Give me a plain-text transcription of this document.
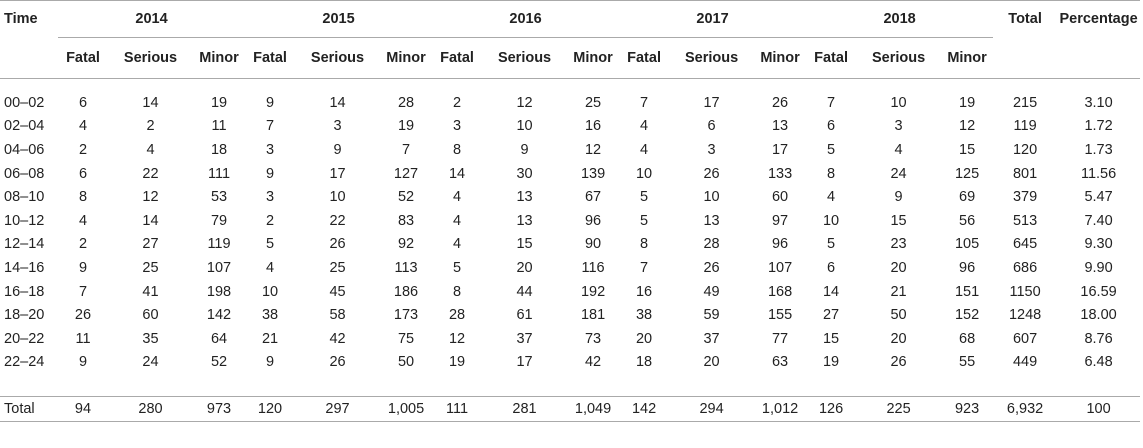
Time	2014			2015			2016			2017			2018			Total	Percentage
	Fatal	Serious	Minor	Fatal	Serious	Minor	Fatal	Serious	Minor	Fatal	Serious	Minor	Fatal	Serious	Minor		

00–02	6	14	19	9	14	28	2	12	25	7	17	26	7	10	19	215	3.10
02–04	4	2	11	7	3	19	3	10	16	4	6	13	6	3	12	119	1.72
04–06	2	4	18	3	9	7	8	9	12	4	3	17	5	4	15	120	1.73
06–08	6	22	111	9	17	127	14	30	139	10	26	133	8	24	125	801	11.56
08–10	8	12	53	3	10	52	4	13	67	5	10	60	4	9	69	379	5.47
10–12	4	14	79	2	22	83	4	13	96	5	13	97	10	15	56	513	7.40
12–14	2	27	119	5	26	92	4	15	90	8	28	96	5	23	105	645	9.30
14–16	9	25	107	4	25	113	5	20	116	7	26	107	6	20	96	686	9.90
16–18	7	41	198	10	45	186	8	44	192	16	49	168	14	21	151	1150	16.59
18–20	26	60	142	38	58	173	28	61	181	38	59	155	27	50	152	1248	18.00
20–22	11	35	64	21	42	75	12	37	73	20	37	77	15	20	68	607	8.76
22–24	9	24	52	9	26	50	19	17	42	18	20	63	19	26	55	449	6.48

Total	94	280	973	120	297	1,005	111	281	1,049	142	294	1,012	126	225	923	6,932	100
